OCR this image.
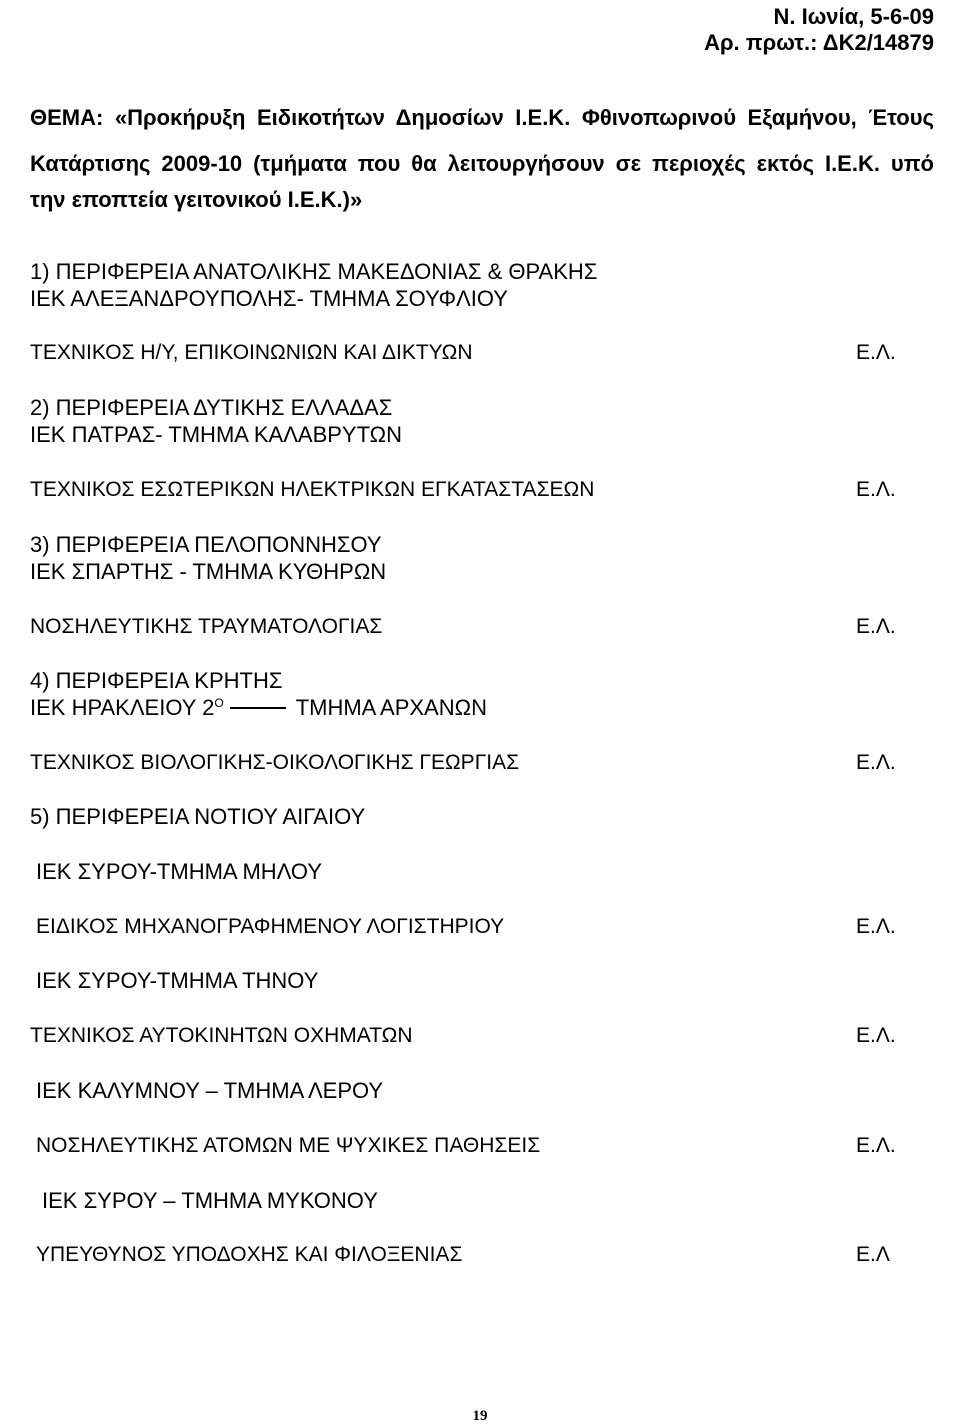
Ν. Ιωνία, 5-6-09
Αρ. πρωτ.: ΔΚ2/14879
ΘΕΜΑ: «Προκήρυξη Ειδικοτήτων Δημοσίων Ι.Ε.Κ. Φθινοπωρινού Εξαμήνου, Έτους
Κατάρτισης 2009-10 (τμήματα που θα λειτουργήσουν σε περιοχές εκτός Ι.Ε.Κ. υπό
την εποπτεία γειτονικού Ι.Ε.Κ.)»
1) ΠΕΡΙΦΕΡΕΙΑ ΑΝΑΤΟΛΙΚΗΣ ΜΑΚΕΔΟΝΙΑΣ & ΘΡΑΚΗΣ
ΙΕΚ ΑΛΕΞΑΝΔΡΟΥΠΟΛΗΣ- ΤΜΗΜΑ ΣΟΥΦΛΙΟΥ
ΤΕΧΝΙΚΟΣ Η/Υ, ΕΠΙΚΟΙΝΩΝΙΩΝ ΚΑΙ ΔΙΚΤΥΩΝ	Ε.Λ.
2) ΠΕΡΙΦΕΡΕΙΑ ΔΥΤΙΚΗΣ ΕΛΛΑΔΑΣ
ΙΕΚ ΠΑΤΡΑΣ- ΤΜΗΜΑ ΚΑΛΑΒΡΥΤΩΝ
ΤΕΧΝΙΚΟΣ ΕΣΩΤΕΡΙΚΩΝ ΗΛΕΚΤΡΙΚΩΝ ΕΓΚΑΤΑΣΤΑΣΕΩΝ	Ε.Λ.
3) ΠΕΡΙΦΕΡΕΙΑ ΠΕΛΟΠΟΝΝΗΣΟΥ
ΙΕΚ ΣΠΑΡΤΗΣ - ΤΜΗΜΑ ΚΥΘΗΡΩΝ
ΝΟΣΗΛΕΥΤΙΚΗΣ ΤΡΑΥΜΑΤΟΛΟΓΙΑΣ	Ε.Λ.
4) ΠΕΡΙΦΕΡΕΙΑ ΚΡΗΤΗΣ
ΙΕΚ ΗΡΑΚΛΕΙΟΥ $2^O$	ΤΜΗΜΑ ΑΡΧΑΝΩΝ
ΤΕΧΝΙΚΟΣ ΒΙΟΛΟΓΙΚΗΣ-ΟΙΚΟΛΟΓΙΚΗΣ ΓΕΩΡΓΙΑΣ	Ε.Λ.
5) ΠΕΡΙΦΕΡΕΙΑ ΝΟΤΙΟΥ ΑΙΓΑΙΟΥ
ΙΕΚ ΣΥΡΟΥ-ΤΜΗΜΑ ΜΗΛΟΥ
ΕΙΔΙΚΟΣ ΜΗΧΑΝΟΓΡΑΦΗΜΕΝΟΥ ΛΟΓΙΣΤΗΡΙΟΥ	Ε.Λ.
ΙΕΚ ΣΥΡΟΥ-ΤΜΗΜΑ ΤΗΝΟΥ
ΤΕΧΝΙΚΟΣ ΑΥΤΟΚΙΝΗΤΩΝ ΟΧΗΜΑΤΩΝ	Ε.Λ.
ΙΕΚ ΚΑΛΥΜΝΟΥ – ΤΜΗΜΑ ΛΕΡΟΥ
ΝΟΣΗΛΕΥΤΙΚΗΣ ΑΤΟΜΩΝ ΜΕ ΨΥΧΙΚΕΣ ΠΑΘΗΣΕΙΣ	Ε.Λ.
ΙΕΚ ΣΥΡΟΥ – ΤΜΗΜΑ ΜΥΚΟΝΟΥ
ΥΠΕΥΘΥΝΟΣ ΥΠΟΔΟΧΗΣ ΚΑΙ ΦΙΛΟΞΕΝΙΑΣ	Ε.Λ
19
